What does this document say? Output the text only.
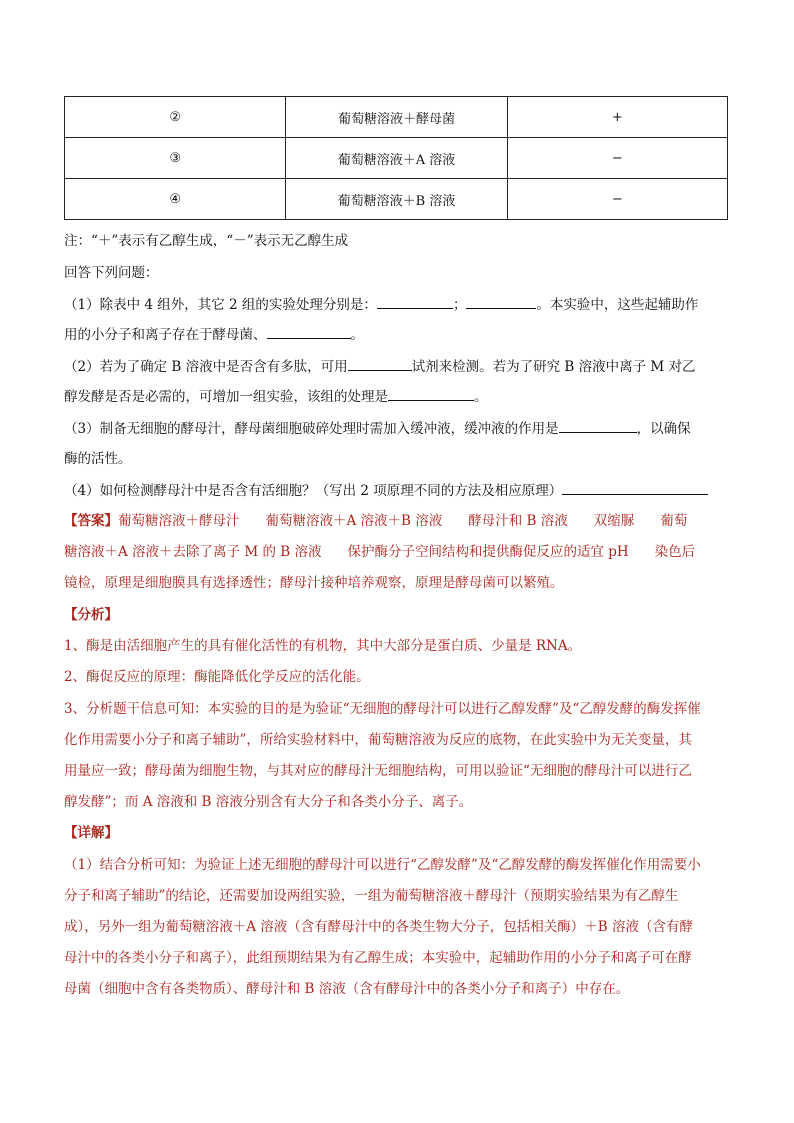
②	葡萄糖溶液＋酵母菌	+
③	葡萄糖溶液＋A 溶液	−
④	葡萄糖溶液＋B 溶液	−
注：“＋”表示有乙醇生成，“－”表示无乙醇生成
回答下列问题：
（1）除表中 4 组外，其它 2 组的实验处理分别是：	；	。本实验中，这些起辅助作
用的小分子和离子存在于酵母菌、	。
（2）若为了确定 B 溶液中是否含有多肽，可用	试剂来检测。若为了研究 B 溶液中离子 M 对乙
醇发酵是否是必需的，可增加一组实验，该组的处理是	。
（3）制备无细胞的酵母汁，酵母菌细胞破碎处理时需加入缓冲液，缓冲液的作用是	，以确保
酶的活性。
（4）如何检测酵母汁中是否含有活细胞？（写出 2 项原理不同的方法及相应原理）
【答案】葡萄糖溶液＋酵母汁 葡萄糖溶液＋A 溶液＋B 溶液 酵母汁和 B 溶液 双缩脲 葡萄
糖溶液＋A 溶液＋去除了离子 M 的 B 溶液 保护酶分子空间结构和提供酶促反应的适宜 pH 染色后
镜检，原理是细胞膜具有选择透性；酵母汁接种培养观察，原理是酵母菌可以繁殖。
【分析】
1、酶是由活细胞产生的具有催化活性的有机物，其中大部分是蛋白质、少量是 RNA。
2、酶促反应的原理：酶能降低化学反应的活化能。
3、分析题干信息可知：本实验的目的是为验证“无细胞的酵母汁可以进行乙醇发酵”及“乙醇发酵的酶发挥催
化作用需要小分子和离子辅助”，所给实验材料中，葡萄糖溶液为反应的底物，在此实验中为无关变量，其
用量应一致；酵母菌为细胞生物，与其对应的酵母汁无细胞结构，可用以验证“无细胞的酵母汁可以进行乙
醇发酵”；而 A 溶液和 B 溶液分别含有大分子和各类小分子、离子。
【详解】
（1）结合分析可知：为验证上述无细胞的酵母汁可以进行“乙醇发酵”及“乙醇发酵的酶发挥催化作用需要小
分子和离子辅助”的结论，还需要加设两组实验，一组为葡萄糖溶液＋酵母汁（预期实验结果为有乙醇生
成），另外一组为葡萄糖溶液＋A 溶液（含有酵母汁中的各类生物大分子，包括相关酶）＋B 溶液（含有酵
母汁中的各类小分子和离子），此组预期结果为有乙醇生成；本实验中，起辅助作用的小分子和离子可在酵
母菌（细胞中含有各类物质）、酵母汁和 B 溶液（含有酵母汁中的各类小分子和离子）中存在。
